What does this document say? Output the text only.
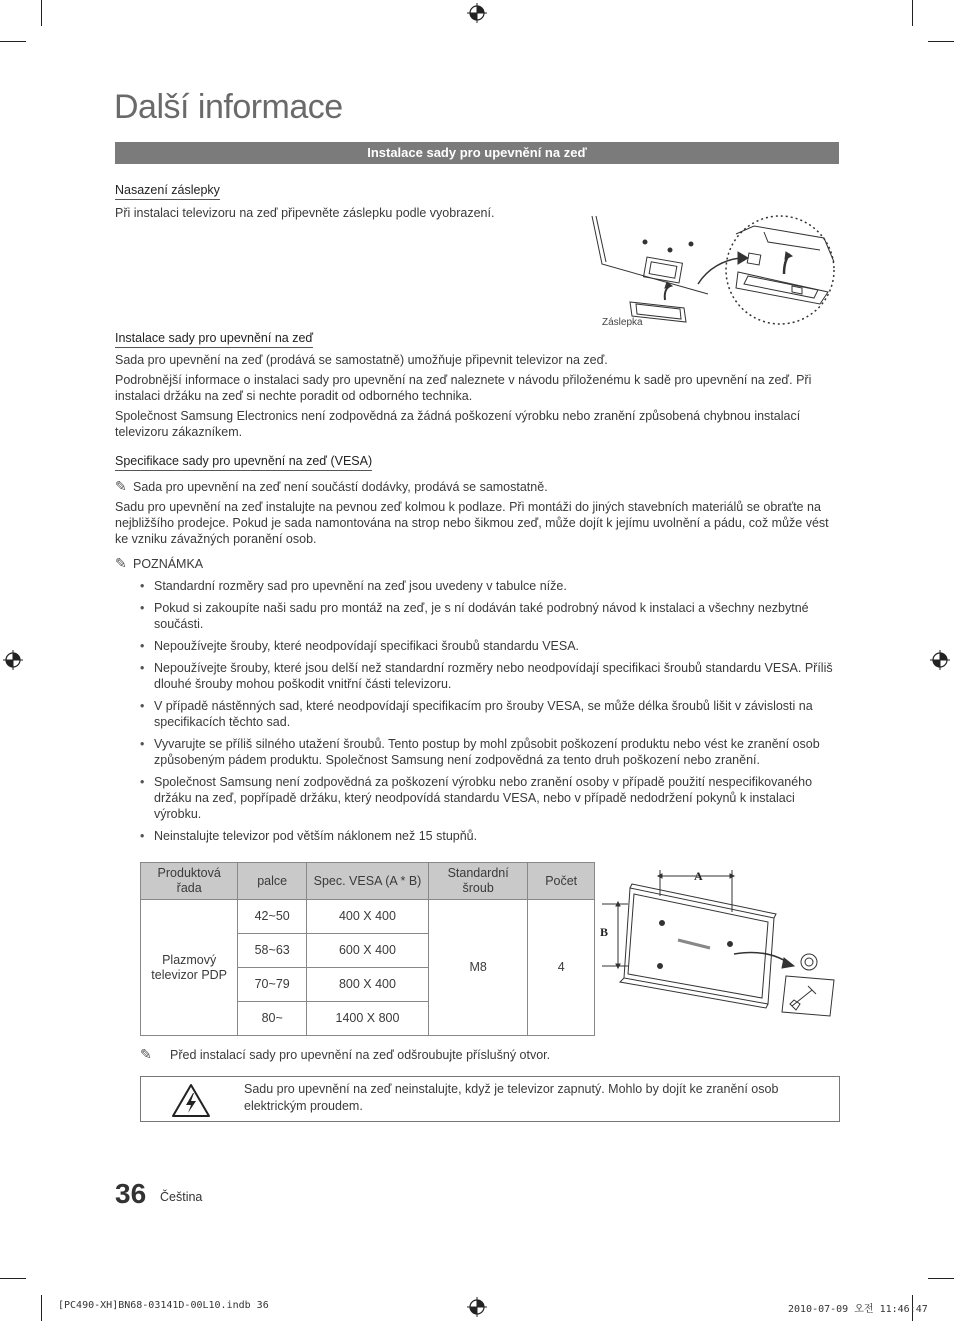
Další informace
Instalace sady pro upevnění na zeď
Nasazení záslepky
Při instalaci televizoru na zeď připevněte záslepku podle vyobrazení.
Záslepka
Instalace sady pro upevnění na zeď
Sada pro upevnění na zeď (prodává se samostatně) umožňuje připevnit televizor na zeď.
Podrobnější informace o instalaci sady pro upevnění na zeď naleznete v návodu přiloženému k sadě pro upevnění na zeď. Při instalaci držáku na zeď si nechte poradit od odborného technika.
Společnost Samsung Electronics není zodpovědná za žádná poškození výrobku nebo zranění způsobená chybnou instalací televizoru zákazníkem.
Specifikace sady pro upevnění na zeď (VESA)
✎ Sada pro upevnění na zeď není součástí dodávky, prodává se samostatně.
Sadu pro upevnění na zeď instalujte na pevnou zeď kolmou k podlaze. Při montáži do jiných stavebních materiálů se obraťte na nejbližšího prodejce. Pokud je sada namontována na strop nebo šikmou zeď, může dojít k jejímu uvolnění a pádu, což může vést ke vzniku závažných poranění osob.
✎ POZNÁMKA
• Standardní rozměry sad pro upevnění na zeď jsou uvedeny v tabulce níže.
• Pokud si zakoupíte naši sadu pro montáž na zeď, je s ní dodáván také podrobný návod k instalaci a všechny nezbytné součásti.
• Nepoužívejte šrouby, které neodpovídají specifikaci šroubů standardu VESA.
• Nepoužívejte šrouby, které jsou delší než standardní rozměry nebo neodpovídají specifikaci šroubů standardu VESA. Příliš dlouhé šrouby mohou poškodit vnitřní části televizoru.
• V případě nástěnných sad, které neodpovídají specifikacím pro šrouby VESA, se může délka šroubů lišit v závislosti na specifikacích těchto sad.
• Vyvarujte se příliš silného utažení šroubů. Tento postup by mohl způsobit poškození produktu nebo vést ke zranění osob způsobeným pádem produktu. Společnost Samsung není zodpovědná za tento druh poškození nebo zranění.
• Společnost Samsung není zodpovědná za poškození výrobku nebo zranění osoby v případě použití nespecifikovaného držáku na zeď, popřípadě držáku, který neodpovídá standardu VESA, nebo v případě nedodržení pokynů k instalaci výrobku.
• Neinstalujte televizor pod větším náklonem než 15 stupňů.
Produktová řada	palce	Spec. VESA (A * B)	Standardní šroub	Počet
Plazmový televizor PDP	42~50	400 X 400	M8	4
	58~63	600 X 400		
	70~79	800 X 400		
	80~	1400 X 800		
A
B
✎ Před instalací sady pro upevnění na zeď odšroubujte příslušný otvor.
Sadu pro upevnění na zeď neinstalujte, když je televizor zapnutý. Mohlo by dojít ke zranění osob elektrickým proudem.
36 Čeština
[PC490-XH]BN68-03141D-00L10.indb 36	2010-07-09 오전 11:46:47
